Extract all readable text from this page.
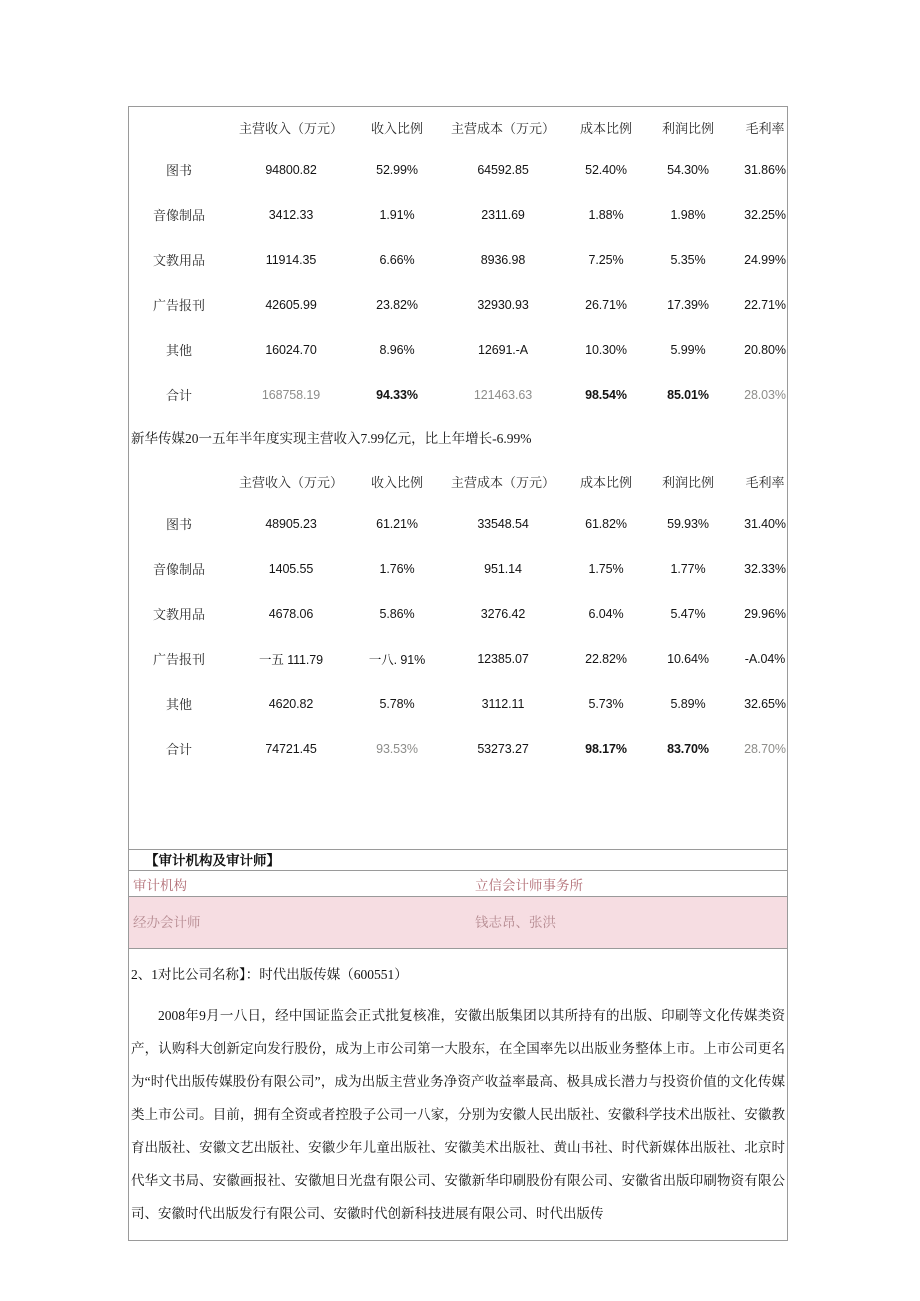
	主营收入（万元）	收入比例	主营成本（万元）	成本比例	利润比例	毛利率
图书	94800.82	52.99%	64592.85	52.40%	54.30%	31.86%
音像制品	3412.33	1.91%	2311.69	1.88%	1.98%	32.25%
文教用品	11914.35	6.66%	8936.98	7.25%	5.35%	24.99%
广告报刊	42605.99	23.82%	32930.93	26.71%	17.39%	22.71%
其他	16024.70	8.96%	12691.-A	10.30%	5.99%	20.80%
合计	168758.19	94.33%	121463.63	98.54%	85.01%	28.03%
新华传媒20一五年半年度实现主营收入7.99亿元，比上年增长-6.99%
	主营收入（万元）	收入比例	主营成本（万元）	成本比例	利润比例	毛利率
图书	48905.23	61.21%	33548.54	61.82%	59.93%	31.40%
音像制品	1405.55	1.76%	951.14	1.75%	1.77%	32.33%
文教用品	4678.06	5.86%	3276.42	6.04%	5.47%	29.96%
广告报刊	一五 111.79	一八. 91%	12385.07	22.82%	10.64%	-A.04%
其他	4620.82	5.78%	3112.11	5.73%	5.89%	32.65%
合计	74721.45	93.53%	53273.27	98.17%	83.70%	28.70%
【审计机构及审计师】
审计机构	立信会计师事务所
经办会计师	钱志昂、张洪
2、1对比公司名称】：时代出版传媒（600551）
2008年9月一八日，经中国证监会正式批复核准，安徽出版集团以其所持有的出版、印刷等文化传媒类资产，认购科大创新定向发行股份，成为上市公司第一大股东，在全国率先以出版业务整体上市。上市公司更名为“时代出版传媒股份有限公司”，成为出版主营业务净资产收益率最高、极具成长潜力与投资价值的文化传媒类上市公司。目前，拥有全资或者控股子公司一八家，分别为安徽人民出版社、安徽科学技术出版社、安徽教育出版社、安徽文艺出版社、安徽少年儿童出版社、安徽美术出版社、黄山书社、时代新媒体出版社、北京时代华文书局、安徽画报社、安徽旭日光盘有限公司、安徽新华印刷股份有限公司、安徽省出版印刷物资有限公司、安徽时代出版发行有限公司、安徽时代创新科技进展有限公司、时代出版传
